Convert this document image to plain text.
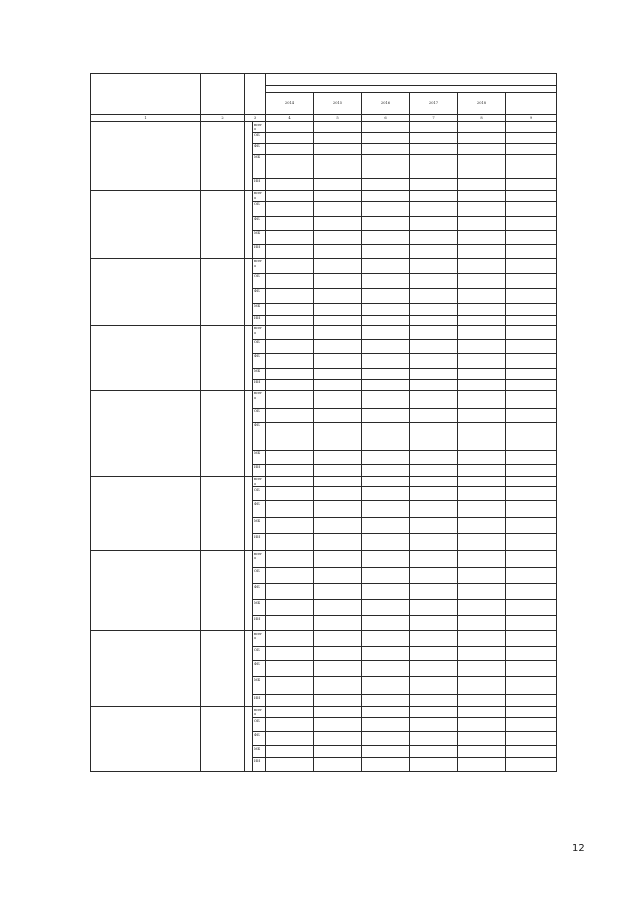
				2014	2015	2016	2017	2018	
1	2	3		4	5	6	7	8	9
			всего						
			ОБ						
			ФБ						
			МБ						
			ИИ						
			всего						
			ОБ						
			ФБ						
			МБ						
			ИИ						
			всего						
			ОБ						
			ФБ						
			МБ						
			ИИ						
			всего						
			ОБ						
			ФБ						
			МБ						
			ИИ						
			всего						
			ОБ						
			ФБ						
			МБ						
			ИИ						
			всего						
			ОБ						
			ФБ						
			МБ						
			ИИ						
			всего						
			ОБ						
			ФБ						
			МБ						
			ИИ						
			всего						
			ОБ						
			ФБ						
			МБ						
			ИИ						
			всего						
			ОБ						
			ФБ						
			МБ						
			ИИ						
12
